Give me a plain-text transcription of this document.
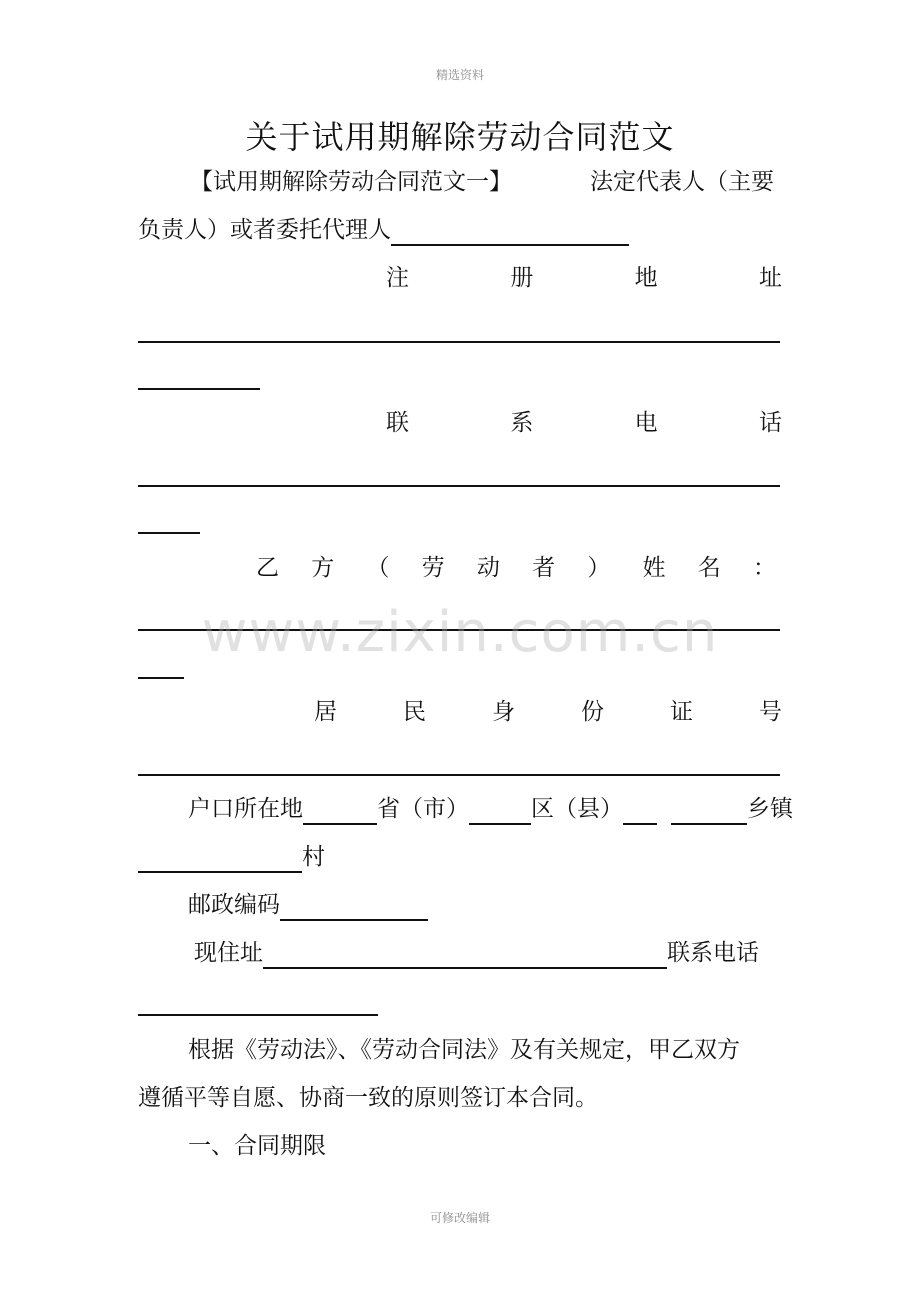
精选资料
关于试用期解除劳动合同范文
【试用期解除劳动合同范文一】	法定代表人（主要
负责人）或者委托代理人
注	册	地	址
联	系	电	话
乙 方 （ 劳 动 者 ） 姓 名 ：
居	民	身	份	证	号
户口所在地	省（市）	区（县）	乡镇
村
邮政编码
现住址	联系电话
根据《劳动法》、《劳动合同法》及有关规定，甲乙双方
遵循平等自愿、协商一致的原则签订本合同。
一、合同期限
www.zixin.com.cn
可修改编辑
